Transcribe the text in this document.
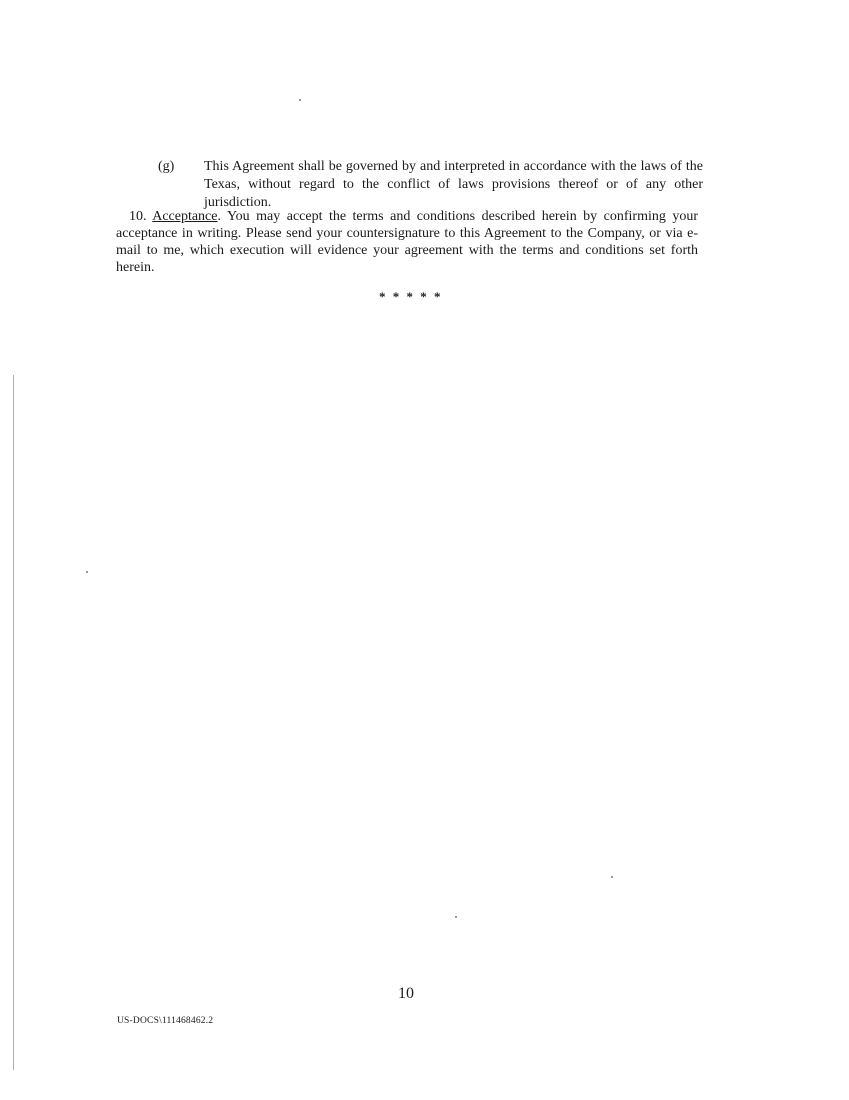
(g) This Agreement shall be governed by and interpreted in accordance with the laws of the Texas, without regard to the conflict of laws provisions thereof or of any other jurisdiction.
10. Acceptance. You may accept the terms and conditions described herein by confirming your acceptance in writing. Please send your countersignature to this Agreement to the Company, or via e-mail to me, which execution will evidence your agreement with the terms and conditions set forth herein.
* * * * *
10
US-DOCS\111468462.2
